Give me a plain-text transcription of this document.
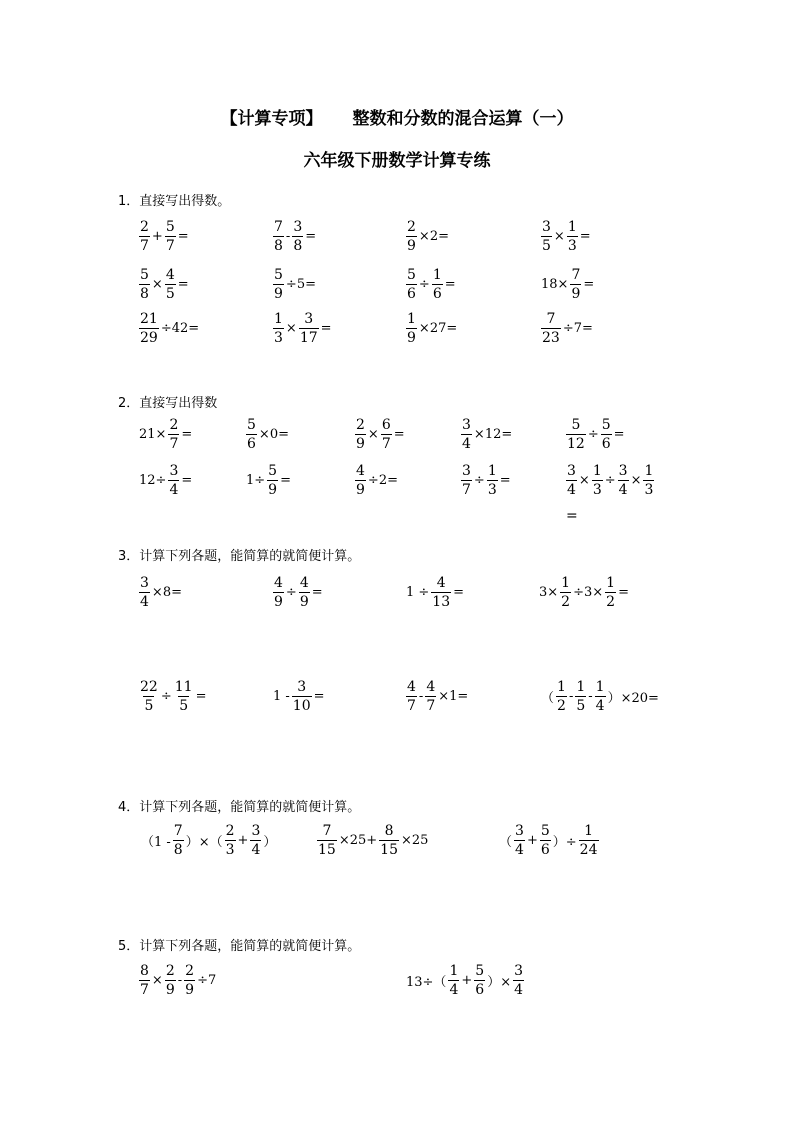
【计算专项】 整数和分数的混合运算（一）
六年级下册数学计算专练
1．直接写出得数。
$\frac{2}{7} + \frac{5}{7}$ =	$\frac{7}{8} - \frac{3}{8}$ =	$\frac{2}{9} \times 2=$	$\frac{3}{5} \times \frac{1}{3}$ =
$\frac{5}{8} \times \frac{4}{5}$ =	$\frac{5}{9} \div 5=$	$\frac{5}{6} \div \frac{1}{6}$ =	$18\times \frac{7}{9}$ =
$\frac{21}{29} \div 42=$	$\frac{1}{3} \times \frac{3}{17}$ =	$\frac{1}{9} \times 27=$	$\frac{7}{23} \div 7=$
2．直接写出得数
$21\times \frac{2}{7}$ =	$\frac{5}{6} \times 0=$	$\frac{2}{9} \times \frac{6}{7}$ =	$\frac{3}{4} \times 12=$	$\frac{5}{12} \div \frac{5}{6}$ =
$12\div \frac{3}{4}$ =	$1\div \frac{5}{9}$ =	$\frac{4}{9} \div 2=$	$\frac{3}{7} \div \frac{1}{3}$ =	$\frac{3}{4} \times \frac{1}{3} \div \frac{3}{4} \times \frac{1}{3}$
=
3．计算下列各题，能简算的就简便计算。
$\frac{3}{4} \times 8=$	$\frac{4}{9} \div \frac{4}{9}$ =	$1 \div \frac{4}{13}$ =	$3\times \frac{1}{2} \div 3\times \frac{1}{2}$ =
$\frac{22}{5} \div \frac{11}{5}$ =	$1 - \frac{3}{10}$ =	$\frac{4}{7} - \frac{4}{7} \times 1=$	（ $\frac{1}{2} - \frac{1}{5} - \frac{1}{4} )\times 20=$
4．计算下列各题，能简算的就简便计算。
（$1 - \frac{7}{8}$ ）×（ $\frac{2}{3} + \frac{3}{4}$ ）	$\frac{7}{15} \times 25+ \frac{8}{15} \times 25$	（ $\frac{3}{4} + \frac{5}{6}$ ）÷ $\frac{1}{24}$
5．计算下列各题，能简算的就简便计算。
$\frac{8}{7} \times \frac{2}{9} - \frac{2}{9} \div 7$	$13\div( \frac{1}{4} + \frac{5}{6}$ ）× $\frac{3}{4}$
